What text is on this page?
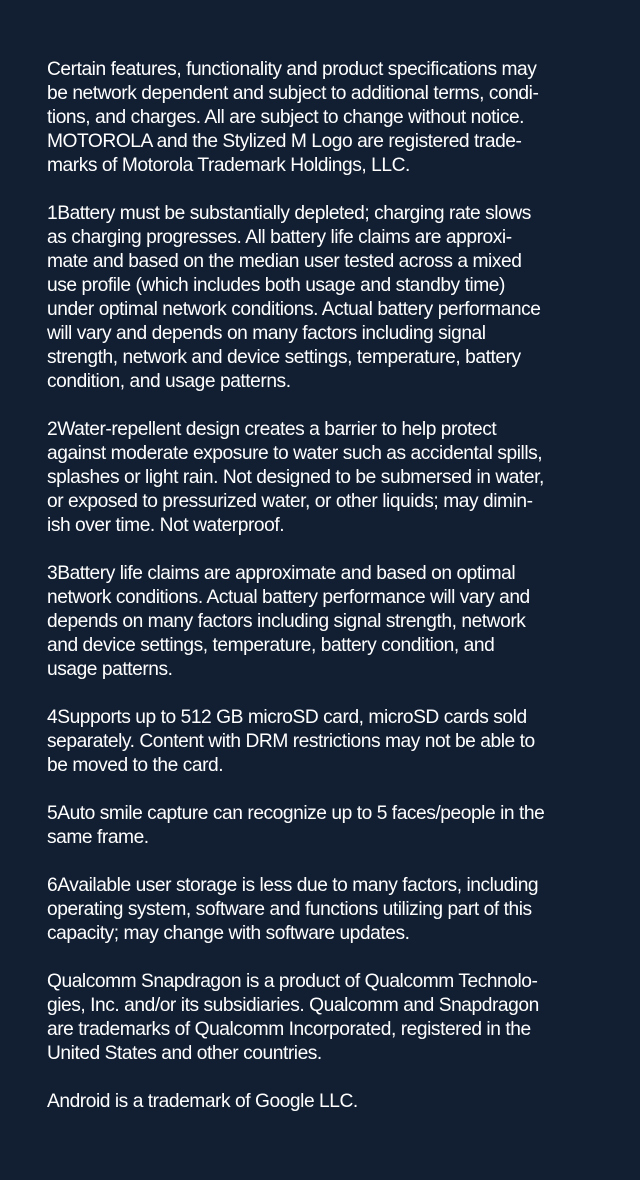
Certain features, functionality and product specifications may
be network dependent and subject to additional terms, condi-
tions, and charges. All are subject to change without notice.
MOTOROLA and the Stylized M Logo are registered trade-
marks of Motorola Trademark Holdings, LLC.

1Battery must be substantially depleted; charging rate slows
as charging progresses. All battery life claims are approxi-
mate and based on the median user tested across a mixed
use profile (which includes both usage and standby time)
under optimal network conditions. Actual battery performance
will vary and depends on many factors including signal
strength, network and device settings, temperature, battery
condition, and usage patterns.

2Water-repellent design creates a barrier to help protect
against moderate exposure to water such as accidental spills,
splashes or light rain. Not designed to be submersed in water,
or exposed to pressurized water, or other liquids; may dimin-
ish over time. Not waterproof.

3Battery life claims are approximate and based on optimal
network conditions. Actual battery performance will vary and
depends on many factors including signal strength, network
and device settings, temperature, battery condition, and
usage patterns.

4Supports up to 512 GB microSD card, microSD cards sold
separately. Content with DRM restrictions may not be able to
be moved to the card.

5Auto smile capture can recognize up to 5 faces/people in the
same frame.

6Available user storage is less due to many factors, including
operating system, software and functions utilizing part of this
capacity; may change with software updates.

Qualcomm Snapdragon is a product of Qualcomm Technolo-
gies, Inc. and/or its subsidiaries. Qualcomm and Snapdragon
are trademarks of Qualcomm Incorporated, registered in the
United States and other countries.

Android is a trademark of Google LLC.
